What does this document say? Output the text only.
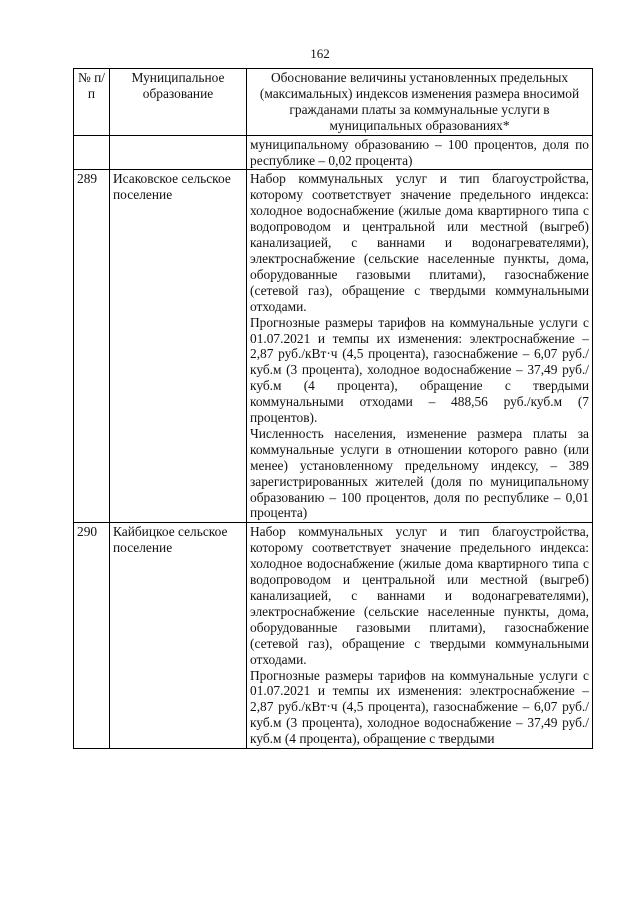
162
№ п/п	Муниципальное образование	Обоснование величины установленных предельных (максимальных) индексов изменения размера вносимой гражданами платы за коммунальные услуги в муниципальных образованиях*

		муниципальному образованию – 100 процентов, доля по республике – 0,02 процента)

289	Исаковское сельское поселение	Набор коммунальных услуг и тип благоустройства, которому соответствует значение предельного индекса: холодное водоснабжение (жилые дома квартирного типа с водопроводом и центральной или местной (выгреб) канализацией, с ваннами и водонагревателями), электроснабжение (сельские населенные пункты, дома, оборудованные газовыми плитами), газоснабжение (сетевой газ), обращение с твердыми коммунальными отходами.

Прогнозные размеры тарифов на коммунальные услуги с 01.07.2021 и темпы их изменения: электроснабжение – 2,87 руб./кВт·ч (4,5 процента), газоснабжение – 6,07 руб./куб.м (3 процента), холодное водоснабжение – 37,49 руб./куб.м (4 процента), обращение с твердыми коммунальными отходами – 488,56 руб./куб.м (7 процентов).

Численность населения, изменение размера платы за коммунальные услуги в отношении которого равно (или менее) установленному предельному индексу, – 389 зарегистрированных жителей (доля по муниципальному образованию – 100 процентов, доля по республике – 0,01 процента)

290	Кайбицкое сельское поселение	Набор коммунальных услуг и тип благоустройства, которому соответствует значение предельного индекса: холодное водоснабжение (жилые дома квартирного типа с водопроводом и центральной или местной (выгреб) канализацией, с ваннами и водонагревателями), электроснабжение (сельские населенные пункты, дома, оборудованные газовыми плитами), газоснабжение (сетевой газ), обращение с твердыми коммунальными отходами.

Прогнозные размеры тарифов на коммунальные услуги с 01.07.2021 и темпы их изменения: электроснабжение – 2,87 руб./кВт·ч (4,5 процента), газоснабжение – 6,07 руб./куб.м (3 процента), холодное водоснабжение – 37,49 руб./куб.м (4 процента), обращение с твердыми
